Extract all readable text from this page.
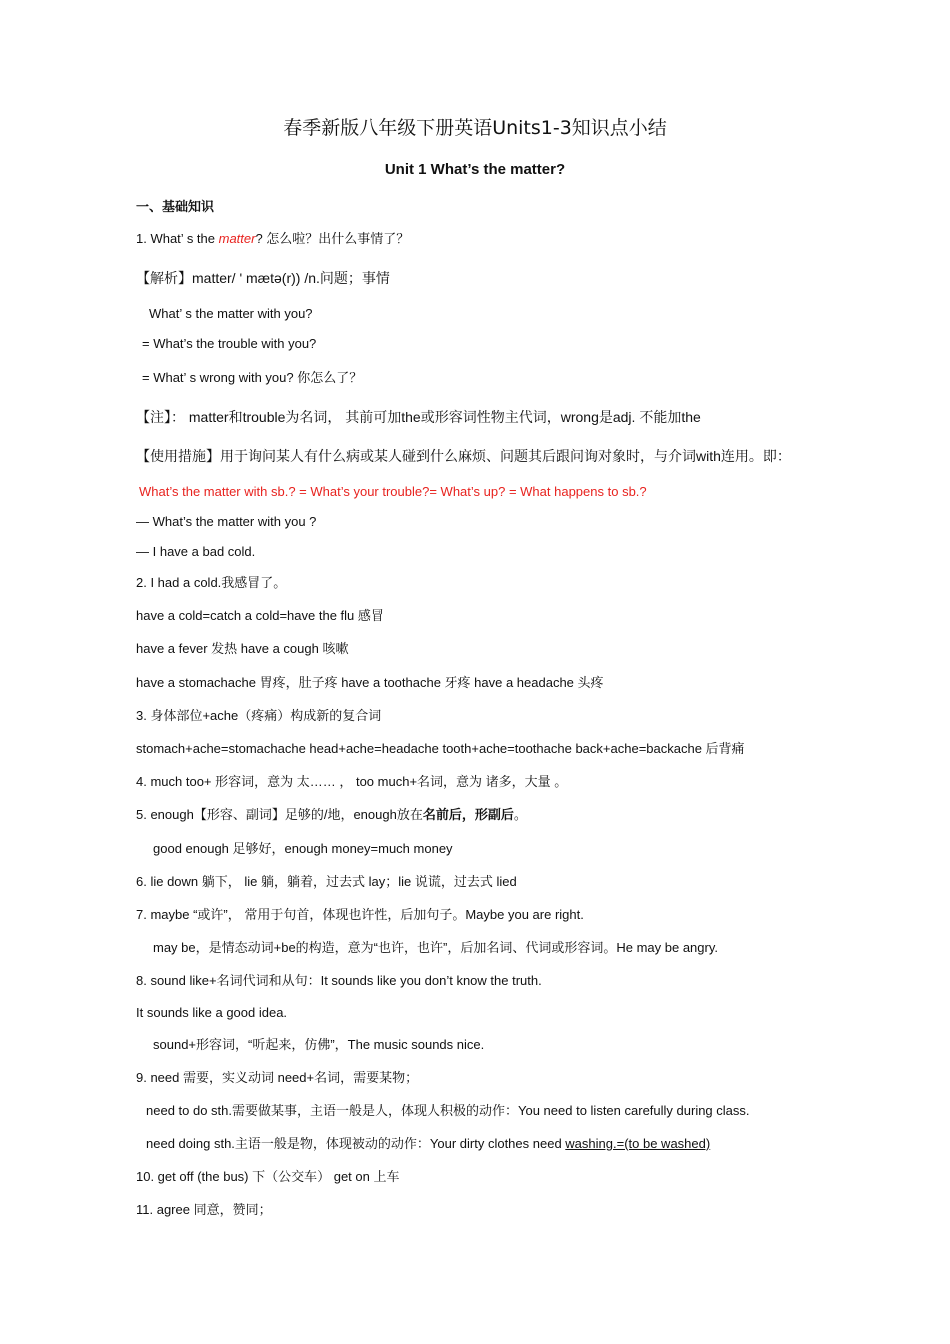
春季新版八年级下册英语Units1-3知识点小结
Unit 1 What’s the matter?
一、基础知识
1. What’ s the matter? 怎么啦？出什么事情了？
【解析】matter/ ' mætə(r)) /n.问题；事情
What’ s the matter with you?
= What’s the trouble with you?
= What’ s wrong with you? 你怎么了？
【注】： matter和trouble为名词， 其前可加the或形容词性物主代词，wrong是adj. 不能加the
【使用措施】用于询问某人有什么病或某人碰到什么麻烦、问题其后跟问询对象时，与介词with连用。即：
What’s the matter with sb.? = What’s your trouble?= What’s up? = What happens to sb.?
— What’s the matter with you ?
— I have a bad cold.
2. I had a cold.我感冒了。
have a cold=catch a cold=have the flu 感冒
have a fever 发热 have a cough 咳嗽
have a stomachache 胃疼，肚子疼 have a toothache 牙疼 have a headache 头疼
3. 身体部位+ache（疼痛）构成新的复合词
stomach+ache=stomachache head+ache=headache tooth+ache=toothache back+ache=backache 后背痛
4. much too+ 形容词，意为 太…… ， too much+名词，意为 诸多，大量 。
5. enough【形容、副词】足够的/地，enough放在名前后，形副后。
good enough 足够好，enough money=much money
6. lie down 躺下， lie 躺，躺着，过去式 lay；lie 说谎，过去式 lied
7. maybe “或许”， 常用于句首，体现也许性，后加句子。Maybe you are right.
may be，是情态动词+be的构造，意为“也许，也许”，后加名词、代词或形容词。He may be angry.
8. sound like+名词代词和从句：It sounds like you don’t know the truth.
It sounds like a good idea.
sound+形容词，“听起来，仿佛”，The music sounds nice.
9. need 需要，实义动词 need+名词，需要某物；
need to do sth.需要做某事，主语一般是人，体现人积极的动作：You need to listen carefully during class.
need doing sth.主语一般是物，体现被动的动作：Your dirty clothes need washing.=(to be washed)
10. get off (the bus) 下（公交车） get on 上车
11. agree 同意，赞同；
